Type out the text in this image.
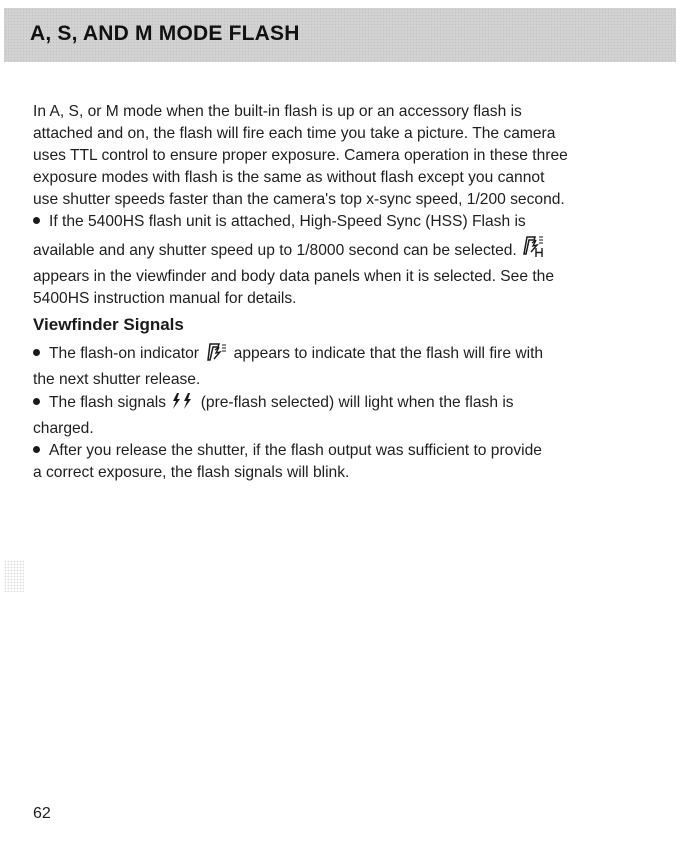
A, S, AND M MODE FLASH
In A, S, or M mode when the built-in flash is up or an accessory flash is
attached and on, the flash will fire each time you take a picture. The camera
uses TTL control to ensure proper exposure. Camera operation in these three
exposure modes with flash is the same as without flash except you cannot
use shutter speeds faster than the camera's top x-sync speed, 1/200 second.
If the 5400HS flash unit is attached, High-Speed Sync (HSS) Flash is
available and any shutter speed up to 1/8000 second can be selected.
appears in the viewfinder and body data panels when it is selected. See the
5400HS instruction manual for details.
Viewfinder Signals
The flash-on indicator appears to indicate that the flash will fire with
the next shutter release.
The flash signals (pre-flash selected) will light when the flash is
charged.
After you release the shutter, if the flash output was sufficient to provide
a correct exposure, the flash signals will blink.

62
